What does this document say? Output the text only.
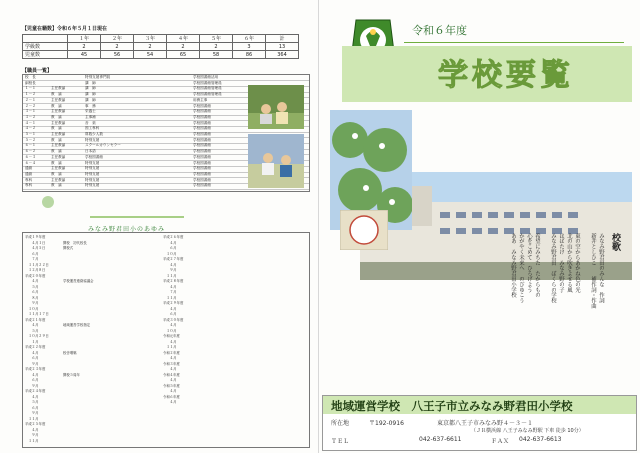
【児童在籍数】令和６年５月１日現在
	１年	２年	３年	４年	５年	６年	計
学級数	2	2	2	2	2	3	13
児童数	45	56	54	65	58	86	364
【職員一覧】
校　長	特別支援専門員	学校図書館活用
副校長	講　師	学校図書館管理員
１－１	主任教諭	講　師	学校図書館管理員
１－２	教　諭	講　師	学校図書館管理員
２－１	主任教諭	講　師	用務主事
２－２	教　諭	事　務	学校図書館
３－１	主任教諭	栄養士	学校図書館
３－２	教　諭	主事補	学校図書館
４－１	主任教諭	音　楽	学校図書館
４－２	教　諭	図工専科	学校図書館
５－１	主任教諭	算数少人数	学校図書館
５－２	教　諭	特別支援	学校図書館
６－１	主任教諭	スクールカウンセラー	学校図書館
６－２	教　諭	日本語	学校図書館
６－３	主任教諭	学校図書館	学校図書館
６－４	教　諭	特別支援	学校図書館
通級	主任教諭	特別支援	学校図書館
通級	教　諭	特別支援	学校図書館
専科	主任教諭	特別支援	学校図書館
専科	教　諭	特別支援	学校図書館
みなみ野君田小のあゆみ
平成１９年度
　　４月１日	開校　初代校長
　　４月５日	開校式
　　６月
　　７月
　１１月２２日
　１２月８日
平成２０年度
　　４月	学校運営連絡協議会
　　５月
　　６月
　　８月
　　９月
　１０月
　１１月１７日
平成２１年度
　　４月	地域運営学校指定
　　５月
　１０月２９日
　　１月
平成２２年度
　　４月	校舎増築
　　６月
　　９月
平成２３年度
　　４月	開校５周年
　　６月
　　９月
平成２４年度
　　４月
　　５月
　　６月
　　９月
　１１月
平成２５年度
　　４月
　　９月
　１１月
平成２６年度
　　４月
　　６月
　１０月
平成２７年度
　　４月
　　９月
　１１月
平成２８年度
　　４月
　　７月
　１１月
平成２９年度
　　４月
　　６月
平成３０年度
　　４月
　１０月
令和元年度
　　４月
　１１月
令和２年度
　　４月
令和３年度
　　４月
令和４年度
　　４月
令和５年度
　　４月
令和６年度
　　４月
令和６年度
学校要覧
校歌
みなみ野君田のみんな　作詞
新井としひこ　　補作詞・作曲
東の空からあかね色の光
北の山から吹きよせる風
はばたけ　みなみ野の子
みなみ野君田　ぼくらの学校
希望にみちた　たからもの
心をこめて　ひろげよう
かがやく未来へ　のびゆこう
ああ　みなみ野君田小学校
地域運営学校　八王子市立みなみ野君田小学校
所在地	〒192-0916	東京都八王子市みなみ野４－３－１
（ＪＲ横浜線 八王子みなみ野駅 下車 徒歩 10分）
ＴＥＬ	042-637-6611	ＦＡＸ 042-637-6613
